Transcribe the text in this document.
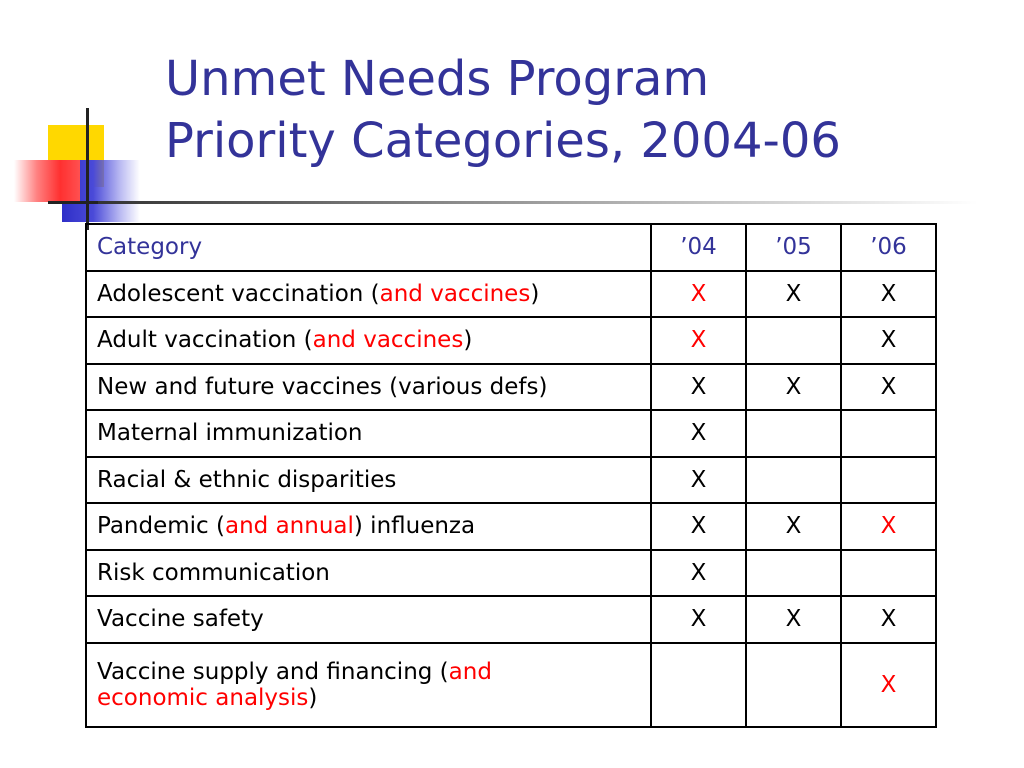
Unmet Needs Program
Priority Categories, 2004-06
Category	’04	’05	’06
Adolescent vaccination (and vaccines)	X	X	X
Adult vaccination (and vaccines)	X		X
New and future vaccines (various defs)	X	X	X
Maternal immunization	X		
Racial & ethnic disparities	X		
Pandemic (and annual) influenza	X	X	X
Risk communication	X		
Vaccine safety	X	X	X
Vaccine supply and financing (and
economic analysis)			X
